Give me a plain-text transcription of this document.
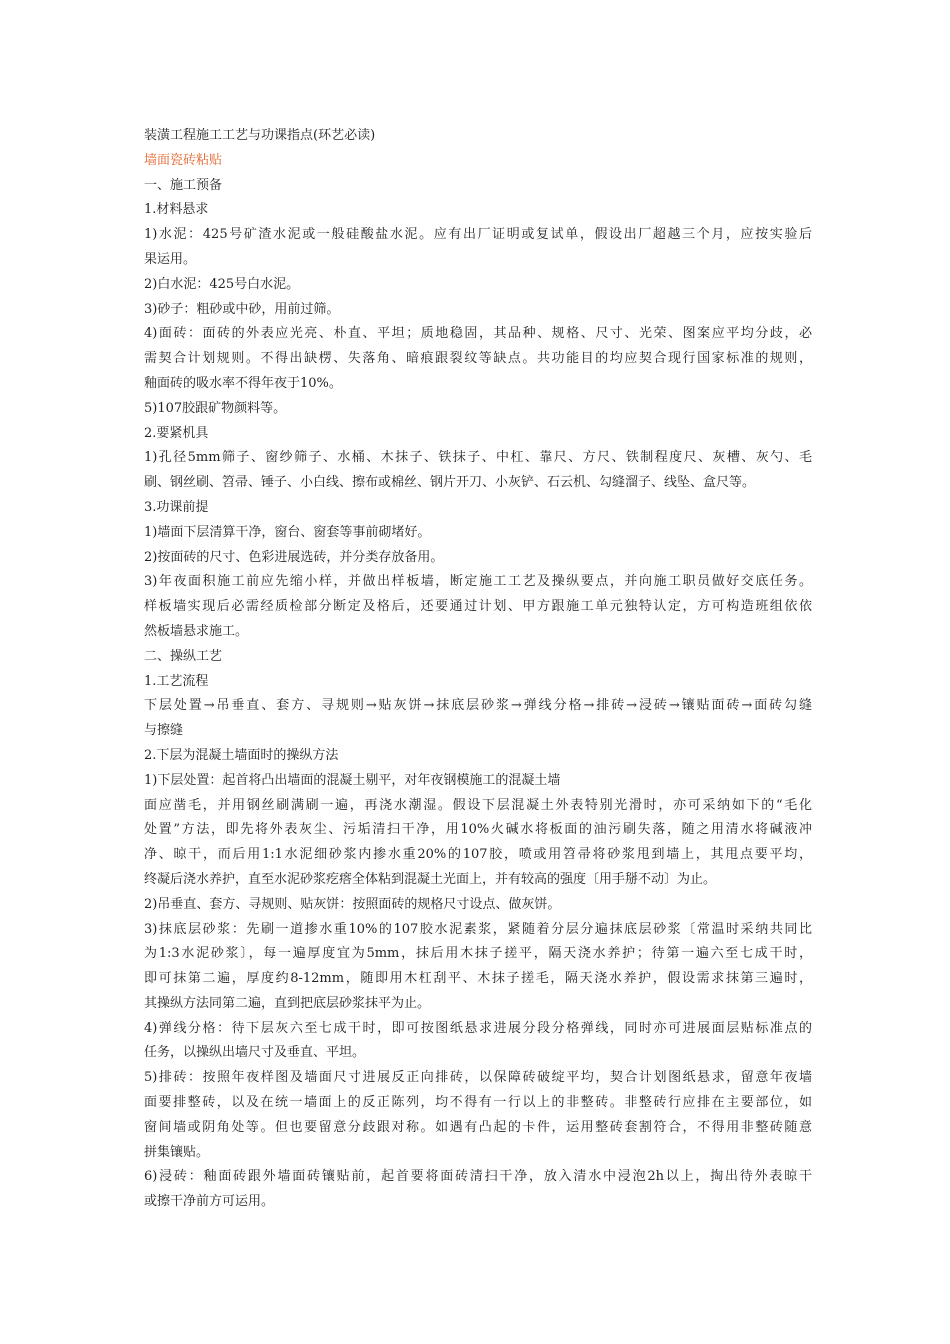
装潢工程施工工艺与功课指点(环艺必读)
墙面瓷砖粘贴
一、施工预备
1.材料悬求
1)水泥：425号矿渣水泥或一般硅酸盐水泥。应有出厂证明或复试单，假设出厂超越三个月，应按实验后
果运用。
2)白水泥：425号白水泥。
3)砂子：粗砂或中砂，用前过筛。
4)面砖：面砖的外表应光亮、朴直、平坦；质地稳固，其品种、规格、尺寸、光荣、图案应平均分歧，必
需契合计划规则。不得出缺楞、失落角、暗痕跟裂纹等缺点。共功能目的均应契合现行国家标准的规则，
釉面砖的吸水率不得年夜于10%。
5)107胶跟矿物颜料等。
2.要紧机具
1)孔径5mm筛子、窗纱筛子、水桶、木抹子、铁抹子、中杠、靠尺、方尺、铁制程度尺、灰槽、灰勺、毛
刷、钢丝刷、笤帚、锤子、小白线、擦布或棉丝、钢片开刀、小灰铲、石云机、勾缝溜子、线坠、盒尺等。
3.功课前提
1)墙面下层清算干净，窗台、窗套等事前砌堵好。
2)按面砖的尺寸、色彩进展选砖，并分类存放备用。
3)年夜面积施工前应先缩小样，并做出样板墙，断定施工工艺及操纵要点，并向施工职员做好交底任务。
样板墙实现后必需经质检部分断定及格后，还要通过计划、甲方跟施工单元独特认定，方可构造班组依依
然板墙悬求施工。
二、操纵工艺
1.工艺流程
下层处置→吊垂直、套方、寻规则→贴灰饼→抹底层砂浆→弹线分格→排砖→浸砖→镶贴面砖→面砖勾缝
与擦缝
2.下层为混凝土墙面时的操纵方法
1)下层处置：起首将凸出墙面的混凝土剔平，对年夜钢模施工的混凝土墙
面应凿毛，并用钢丝刷满刷一遍，再浇水潮湿。假设下层混凝土外表特别光滑时，亦可采纳如下的“毛化
处置”方法，即先将外表灰尘、污垢清扫干净，用10%火碱水将板面的油污刷失落，随之用清水将碱液冲
净、晾干，而后用1:1水泥细砂浆内掺水重20%的107胶，喷或用笤帚将砂浆甩到墙上，其甩点要平均，
终凝后浇水养护，直至水泥砂浆疙瘩全体粘到混凝土光面上，并有较高的强度〔用手掰不动〕为止。
2)吊垂直、套方、寻规则、贴灰饼：按照面砖的规格尺寸设点、做灰饼。
3)抹底层砂浆：先刷一道掺水重10%的107胶水泥素浆，紧随着分层分遍抹底层砂浆〔常温时采纳共同比
为1:3水泥砂浆〕，每一遍厚度宜为5mm，抹后用木抹子搓平，隔天浇水养护；待第一遍六至七成干时，
即可抹第二遍，厚度约8-12mm，随即用木杠刮平、木抹子搓毛，隔天浇水养护，假设需求抹第三遍时，
其操纵方法同第二遍，直到把底层砂浆抹平为止。
4)弹线分格：待下层灰六至七成干时，即可按图纸悬求进展分段分格弹线，同时亦可进展面层贴标准点的
任务，以操纵出墙尺寸及垂直、平坦。
5)排砖：按照年夜样图及墙面尺寸进展反正向排砖，以保障砖破绽平均，契合计划图纸悬求，留意年夜墙
面要排整砖，以及在统一墙面上的反正陈列，均不得有一行以上的非整砖。非整砖行应排在主要部位，如
窗间墙或阴角处等。但也要留意分歧跟对称。如遇有凸起的卡件，运用整砖套割符合，不得用非整砖随意
拼集镶贴。
6)浸砖：釉面砖跟外墙面砖镶贴前，起首要将面砖清扫干净，放入清水中浸泡2h以上，掏出待外表晾干
或擦干净前方可运用。
